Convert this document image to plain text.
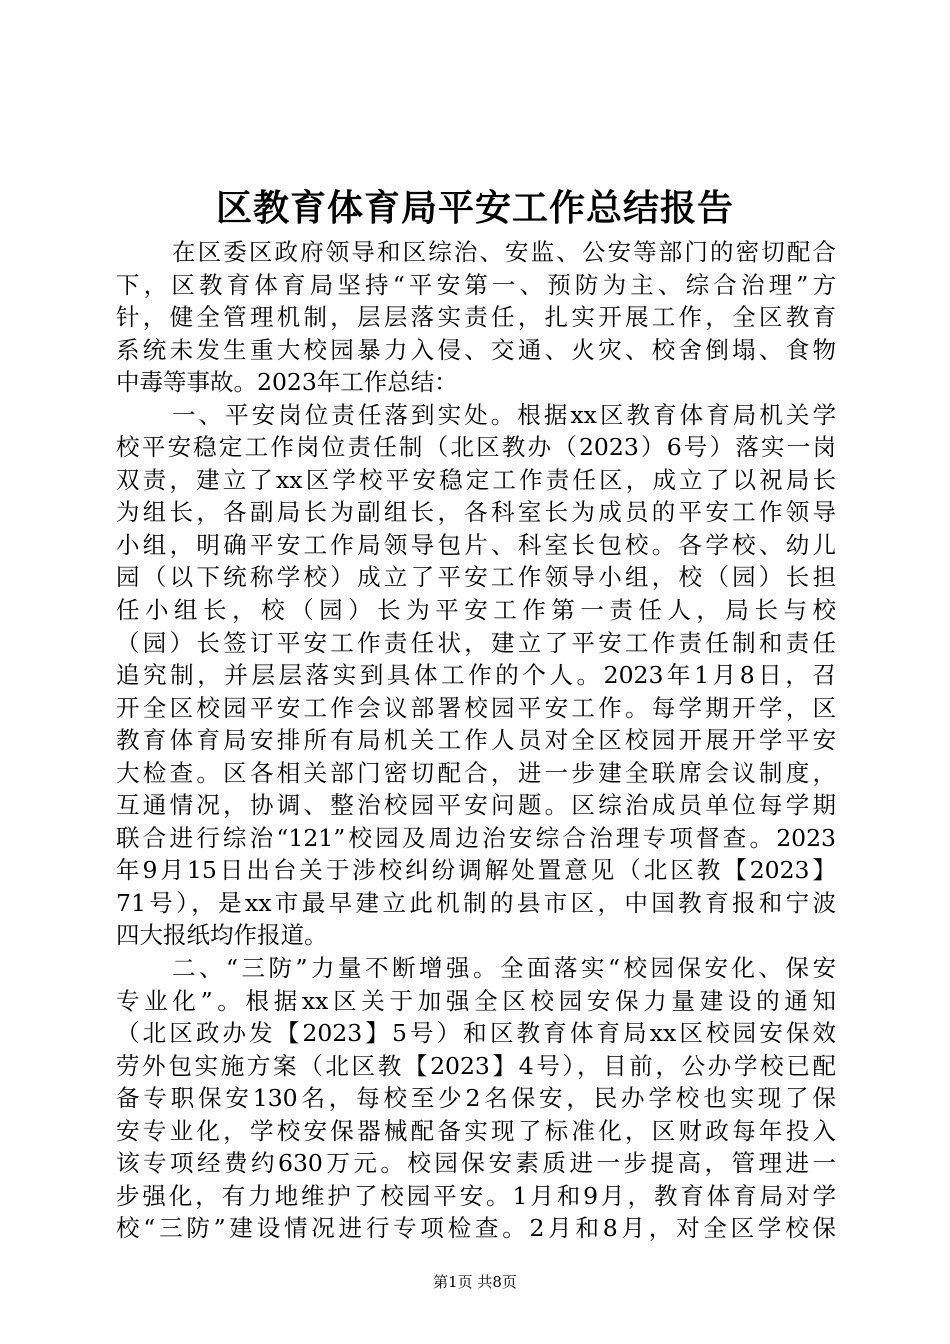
区教育体育局平安工作总结报告
在区委区政府领导和区综治、安监、公安等部门的密切配合
下，区教育体育局坚持“平安第一、预防为主、综合治理”方
针，健全管理机制，层层落实责任，扎实开展工作，全区教育
系统未发生重大校园暴力入侵、交通、火灾、校舍倒塌、食物
中毒等事故。2023年工作总结：
一、平安岗位责任落到实处。根据xx区教育体育局机关学
校平安稳定工作岗位责任制（北区教办（2023）6号）落实一岗
双责，建立了xx区学校平安稳定工作责任区，成立了以祝局长
为组长，各副局长为副组长，各科室长为成员的平安工作领导
小组，明确平安工作局领导包片、科室长包校。各学校、幼儿
园（以下统称学校）成立了平安工作领导小组，校（园）长担
任小组长，校（园）长为平安工作第一责任人，局长与校
（园）长签订平安工作责任状，建立了平安工作责任制和责任
追究制，并层层落实到具体工作的个人。2023年1月8日，召
开全区校园平安工作会议部署校园平安工作。每学期开学，区
教育体育局安排所有局机关工作人员对全区校园开展开学平安
大检查。区各相关部门密切配合，进一步建全联席会议制度，
互通情况，协调、整治校园平安问题。区综治成员单位每学期
联合进行综治“121”校园及周边治安综合治理专项督查。2023
年9月15日出台关于涉校纠纷调解处置意见（北区教【2023】
71号），是xx市最早建立此机制的县市区，中国教育报和宁波
四大报纸均作报道。
二、“三防”力量不断增强。全面落实“校园保安化、保安
专业化”。根据xx区关于加强全区校园安保力量建设的通知
（北区政办发【2023】5号）和区教育体育局xx区校园安保效
劳外包实施方案（北区教【2023】4号），目前，公办学校已配
备专职保安130名，每校至少2名保安，民办学校也实现了保
安专业化，学校安保器械配备实现了标准化，区财政每年投入
该专项经费约630万元。校园保安素质进一步提高，管理进一
步强化，有力地维护了校园平安。1月和9月，教育体育局对学
校“三防”建设情况进行专项检查。2月和8月，对全区学校保
第1页 共8页
